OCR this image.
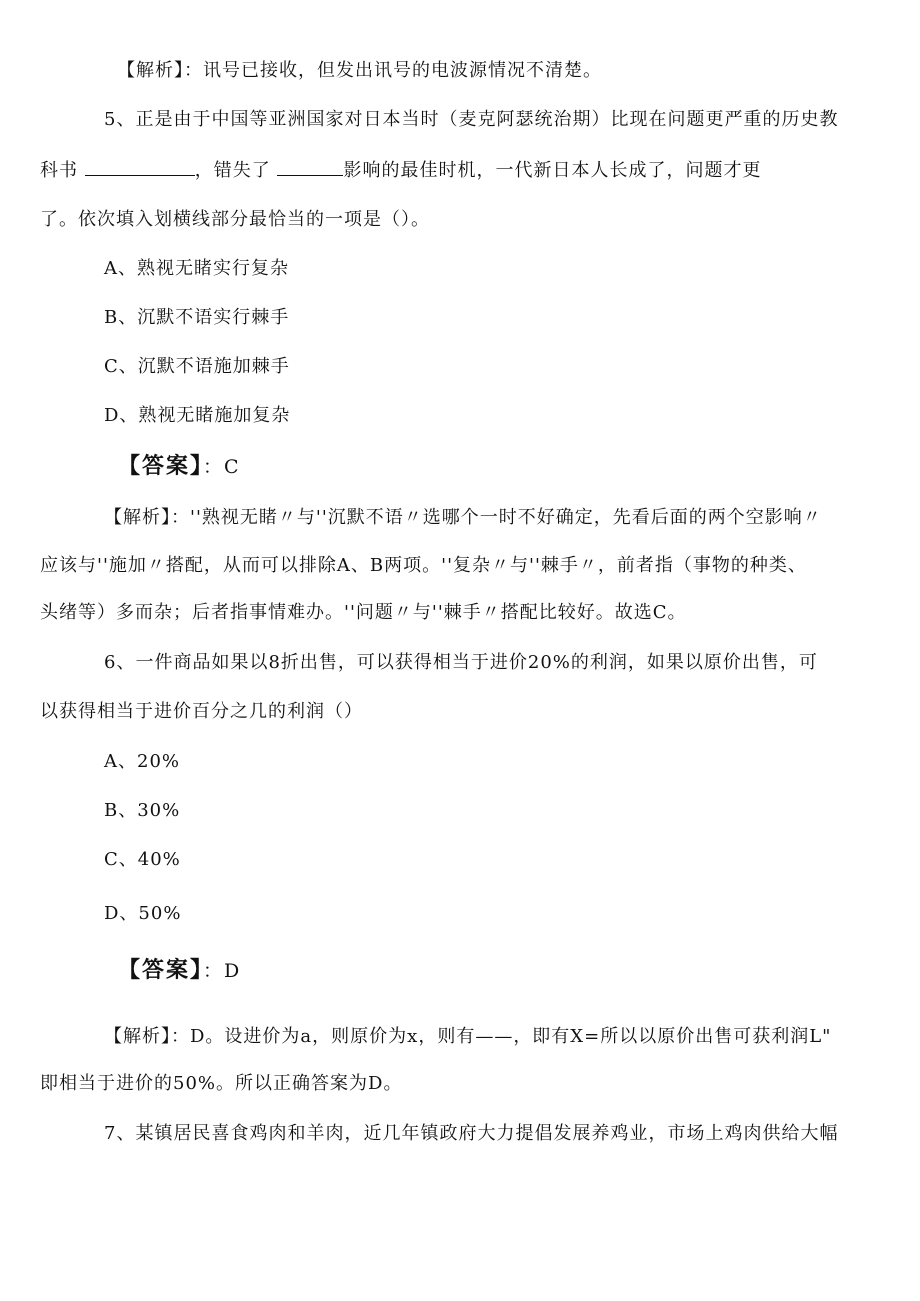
【解析】：讯号已接收，但发出讯号的电波源情况不清楚。
5、正是由于中国等亚洲国家对日本当时（麦克阿瑟统治期）比现在问题更严重的历史教
科书	，错失了	影响的最佳时机，一代新日本人长成了，问题才更
了。依次填入划横线部分最恰当的一项是（）。
A、熟视无睹实行复杂
B、沉默不语实行棘手
C、沉默不语施加棘手
D、熟视无睹施加复杂
【答案】：C
【解析】：''熟视无睹〃与''沉默不语〃选哪个一时不好确定，先看后面的两个空影响〃
应该与''施加〃搭配，从而可以排除A、B两项。''复杂〃与''棘手〃，前者指（事物的种类、
头绪等）多而杂；后者指事情难办。''问题〃与''棘手〃搭配比较好。故选C。
6、一件商品如果以8折出售，可以获得相当于进价20%的利润，如果以原价出售，可
以获得相当于进价百分之几的利润（）
A、20%
B、30%
C、40%
D、50%
【答案】：D
【解析】：D。设进价为a，则原价为x，则有——，即有X=所以以原价出售可获利润L"
即相当于进价的50%。所以正确答案为D。
7、某镇居民喜食鸡肉和羊肉，近几年镇政府大力提倡发展养鸡业，市场上鸡肉供给大幅
